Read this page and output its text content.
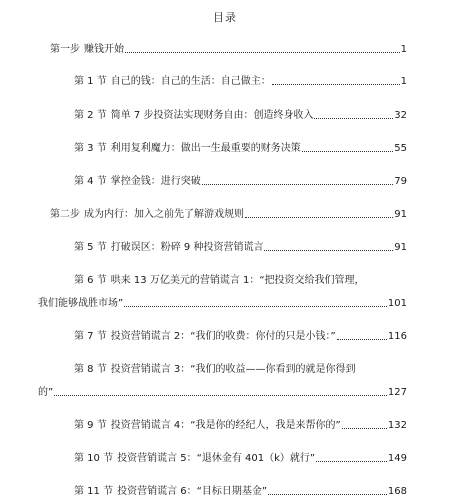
目录
第一步 赚钱开始	1
第 1 节 自己的钱：自己的生活：自己做主：	1
第 2 节 简单 7 步投资法实现财务自由：创造终身收入	32
第 3 节 利用复利魔力：做出一生最重要的财务决策	55
第 4 节 掌控金钱：进行突破	79
第二步 成为内行：加入之前先了解游戏规则	91
第 5 节 打破误区：粉碎 9 种投资营销谎言	91
第 6 节 哄来 13 万亿美元的营销谎言 1：“把投资交给我们管理，
我们能够战胜市场”	101
第 7 节 投资营销谎言 2：“我们的收费：你付的只是小钱：”	116
第 8 节 投资营销谎言 3：“我们的收益——你看到的就是你得到
的”	127
第 9 节 投资营销谎言 4：“我是你的经纪人，我是来帮你的”	132
第 10 节 投资营销谎言 5：“退休金有 401（k）就行”	149
第 11 节 投资营销谎言 6：“目标日期基金”	168
